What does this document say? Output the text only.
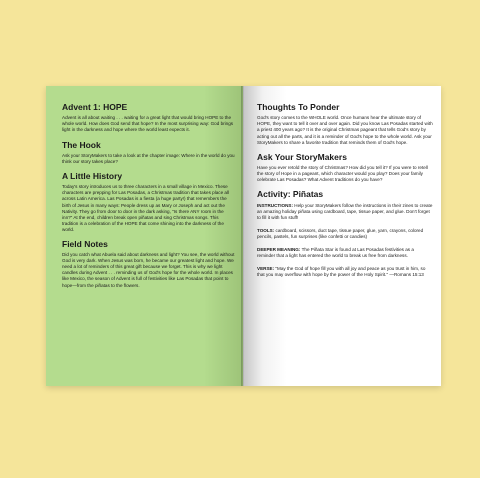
Advent 1: HOPE

Advent is all about waiting . . . waiting for a great light that would bring HOPE to the whole world. How does God send that hope? In the most surprising way: God brings light in the darkness and hope where the world least expects it.

The Hook

Ask your StoryMakers to take a look at the chapter image: Where in the world do you think our story takes place?

A Little History

Today's story introduces us to three characters in a small village in Mexico. These characters are prepping for Las Posadas, a Christmas tradition that takes place all across Latin America. Las Posadas is a fiesta (a huge party!) that remembers the birth of Jesus in many ways: People dress up as Mary or Joseph and act out the Nativity. They go from door to door in the dark asking, "Is there ANY room in the inn?" At the end, children break open piñatas and sing Christmas songs. This tradition is a celebration of the HOPE that come shining into the darkness of the world.

Field Notes

Did you catch what Abuela said about darkness and light? You see, the world without God is very dark. When Jesus was born, he became our greatest light and hope. We need a lot of reminders of this great gift because we forget. This is why we light candles during Advent . . . reminding us of God's hope for the whole world. In places like Mexico, the season of Advent is full of festivities like Las Posadas that point to hope—from the piñatas to the flowers.

Thoughts To Ponder

God's story comes to the WHOLE world. Once humans hear the ultimate story of HOPE, they want to tell it over and over again. Did you know Las Posadas started with a priest 400 years ago? It is the original Christmas pageant that tells God's story by acting out all the parts, and it is a reminder of God's hope to the whole world. Ask your StoryMakers to share a favorite tradition that reminds them of God's hope.

Ask Your StoryMakers

Have you ever retold the story of Christmas? How did you tell it? If you were to retell the story of Hope in a pageant, which character would you play? Does your family celebrate Las Posadas? What Advent traditions do you have?

Activity: Piñatas

INSTRUCTIONS: Help your StoryMakers follow the instructions in their zines to create an amazing holiday piñata using cardboard, tape, tissue paper, and glue. Don't forget to fill it with fun stuff!

TOOLS: cardboard, scissors, duct tape, tissue paper, glue, yarn, crayons, colored pencils, pastels, fun surprises (like confetti or candies)

DEEPER MEANING: The Piñata Star is found at Las Posadas festivities as a reminder that a light has entered the world to break us free from darkness.

VERSE: "May the God of hope fill you with all joy and peace as you trust in him, so that you may overflow with hope by the power of the Holy Spirit." —Romans 15:13
